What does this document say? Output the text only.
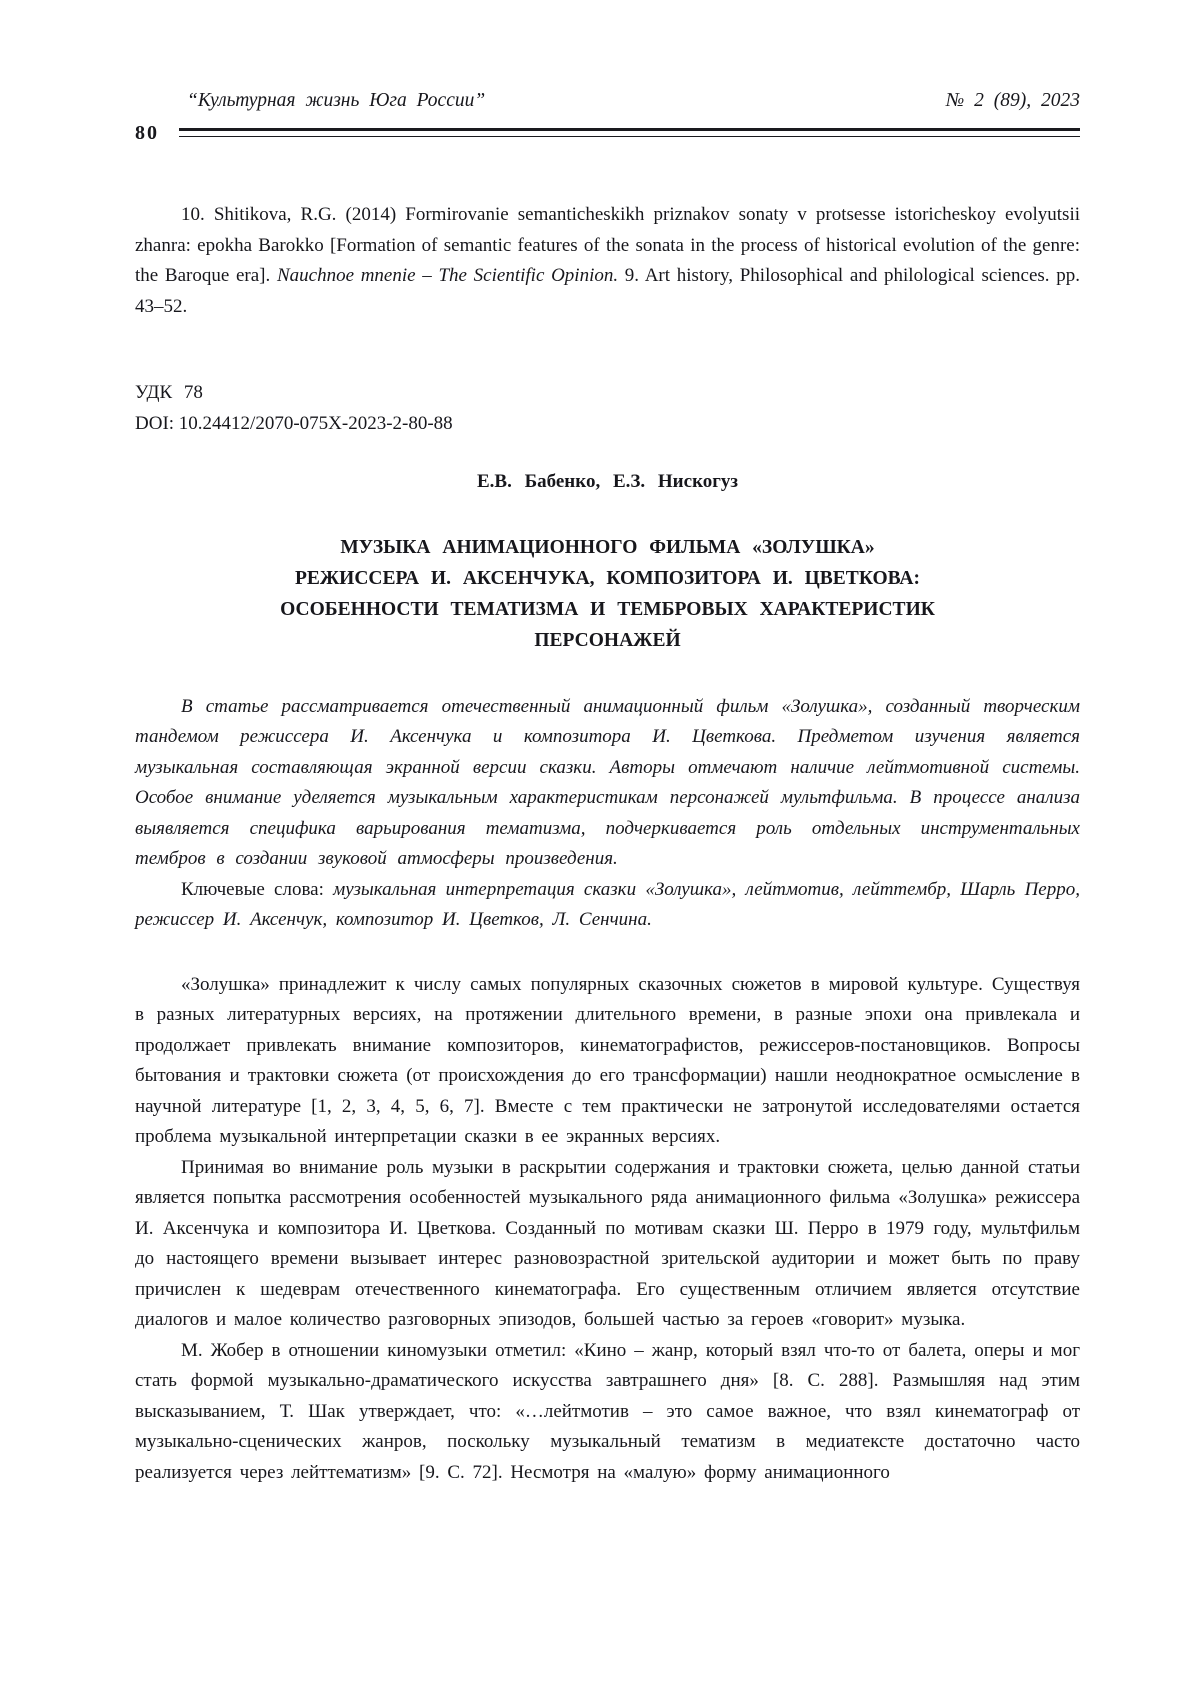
“Культурная жизнь Юга России”	№ 2 (89), 2023
80

10. Shitikova, R.G. (2014) Formirovanie semanticheskikh priznakov sonaty v protsesse istoricheskoy evolyutsii zhanra: epokha Barokko [Formation of semantic features of the sonata in the process of historical evolution of the genre: the Baroque era]. Nauchnoe mnenie – The Scientific Opinion. 9. Art history, Philosophical and philological sciences. pp. 43–52.

УДК 78

DOI: 10.24412/2070-075X-2023-2-80-88

Е.В. Бабенко, Е.З. Нискогуз

МУЗЫКА АНИМАЦИОННОГО ФИЛЬМА «ЗОЛУШКА»
РЕЖИССЕРА И. АКСЕНЧУКА, КОМПОЗИТОРА И. ЦВЕТКОВА:
ОСОБЕННОСТИ ТЕМАТИЗМА И ТЕМБРОВЫХ ХАРАКТЕРИСТИК
ПЕРСОНАЖЕЙ

В статье рассматривается отечественный анимационный фильм «Золушка», созданный творческим тандемом режиссера И. Аксенчука и композитора И. Цветкова. Предметом изучения является музыкальная составляющая экранной версии сказки. Авторы отмечают наличие лейтмотивной системы. Особое внимание уделяется музыкальным характеристикам персонажей мультфильма. В процессе анализа выявляется специфика варьирования тематизма, подчеркивается роль отдельных инструментальных тембров в создании звуковой атмосферы произведения.

Ключевые слова: музыкальная интерпретация сказки «Золушка», лейтмотив, лейттембр, Шарль Перро, режиссер И. Аксенчук, композитор И. Цветков, Л. Сенчина.

«Золушка» принадлежит к числу самых популярных сказочных сюжетов в мировой культуре. Существуя в разных литературных версиях, на протяжении длительного времени, в разные эпохи она привлекала и продолжает привлекать внимание композиторов, кинематографистов, режиссеров-постановщиков. Вопросы бытования и трактовки сюжета (от происхождения до его трансформации) нашли неоднократное осмысление в научной литературе [1, 2, 3, 4, 5, 6, 7]. Вместе с тем практически не затронутой исследователями остается проблема музыкальной интерпретации сказки в ее экранных версиях.

Принимая во внимание роль музыки в раскрытии содержания и трактовки сюжета, целью данной статьи является попытка рассмотрения особенностей музыкального ряда анимационного фильма «Золушка» режиссера И. Аксенчука и композитора И. Цветкова. Созданный по мотивам сказки Ш. Перро в 1979 году, мультфильм до настоящего времени вызывает интерес разновозрастной зрительской аудитории и может быть по праву причислен к шедеврам отечественного кинематографа. Его существенным отличием является отсутствие диалогов и малое количество разговорных эпизодов, большей частью за героев «говорит» музыка.

М. Жобер в отношении киномузыки отметил: «Кино – жанр, который взял что-то от балета, оперы и мог стать формой музыкально-драматического искусства завтрашнего дня» [8. С. 288]. Размышляя над этим высказыванием, Т. Шак утверждает, что: «…лейтмотив – это самое важное, что взял кинематограф от музыкально-сценических жанров, поскольку музыкальный тематизм в медиатексте достаточно часто реализуется через лейттематизм» [9. С. 72]. Несмотря на «малую» форму анимационного
